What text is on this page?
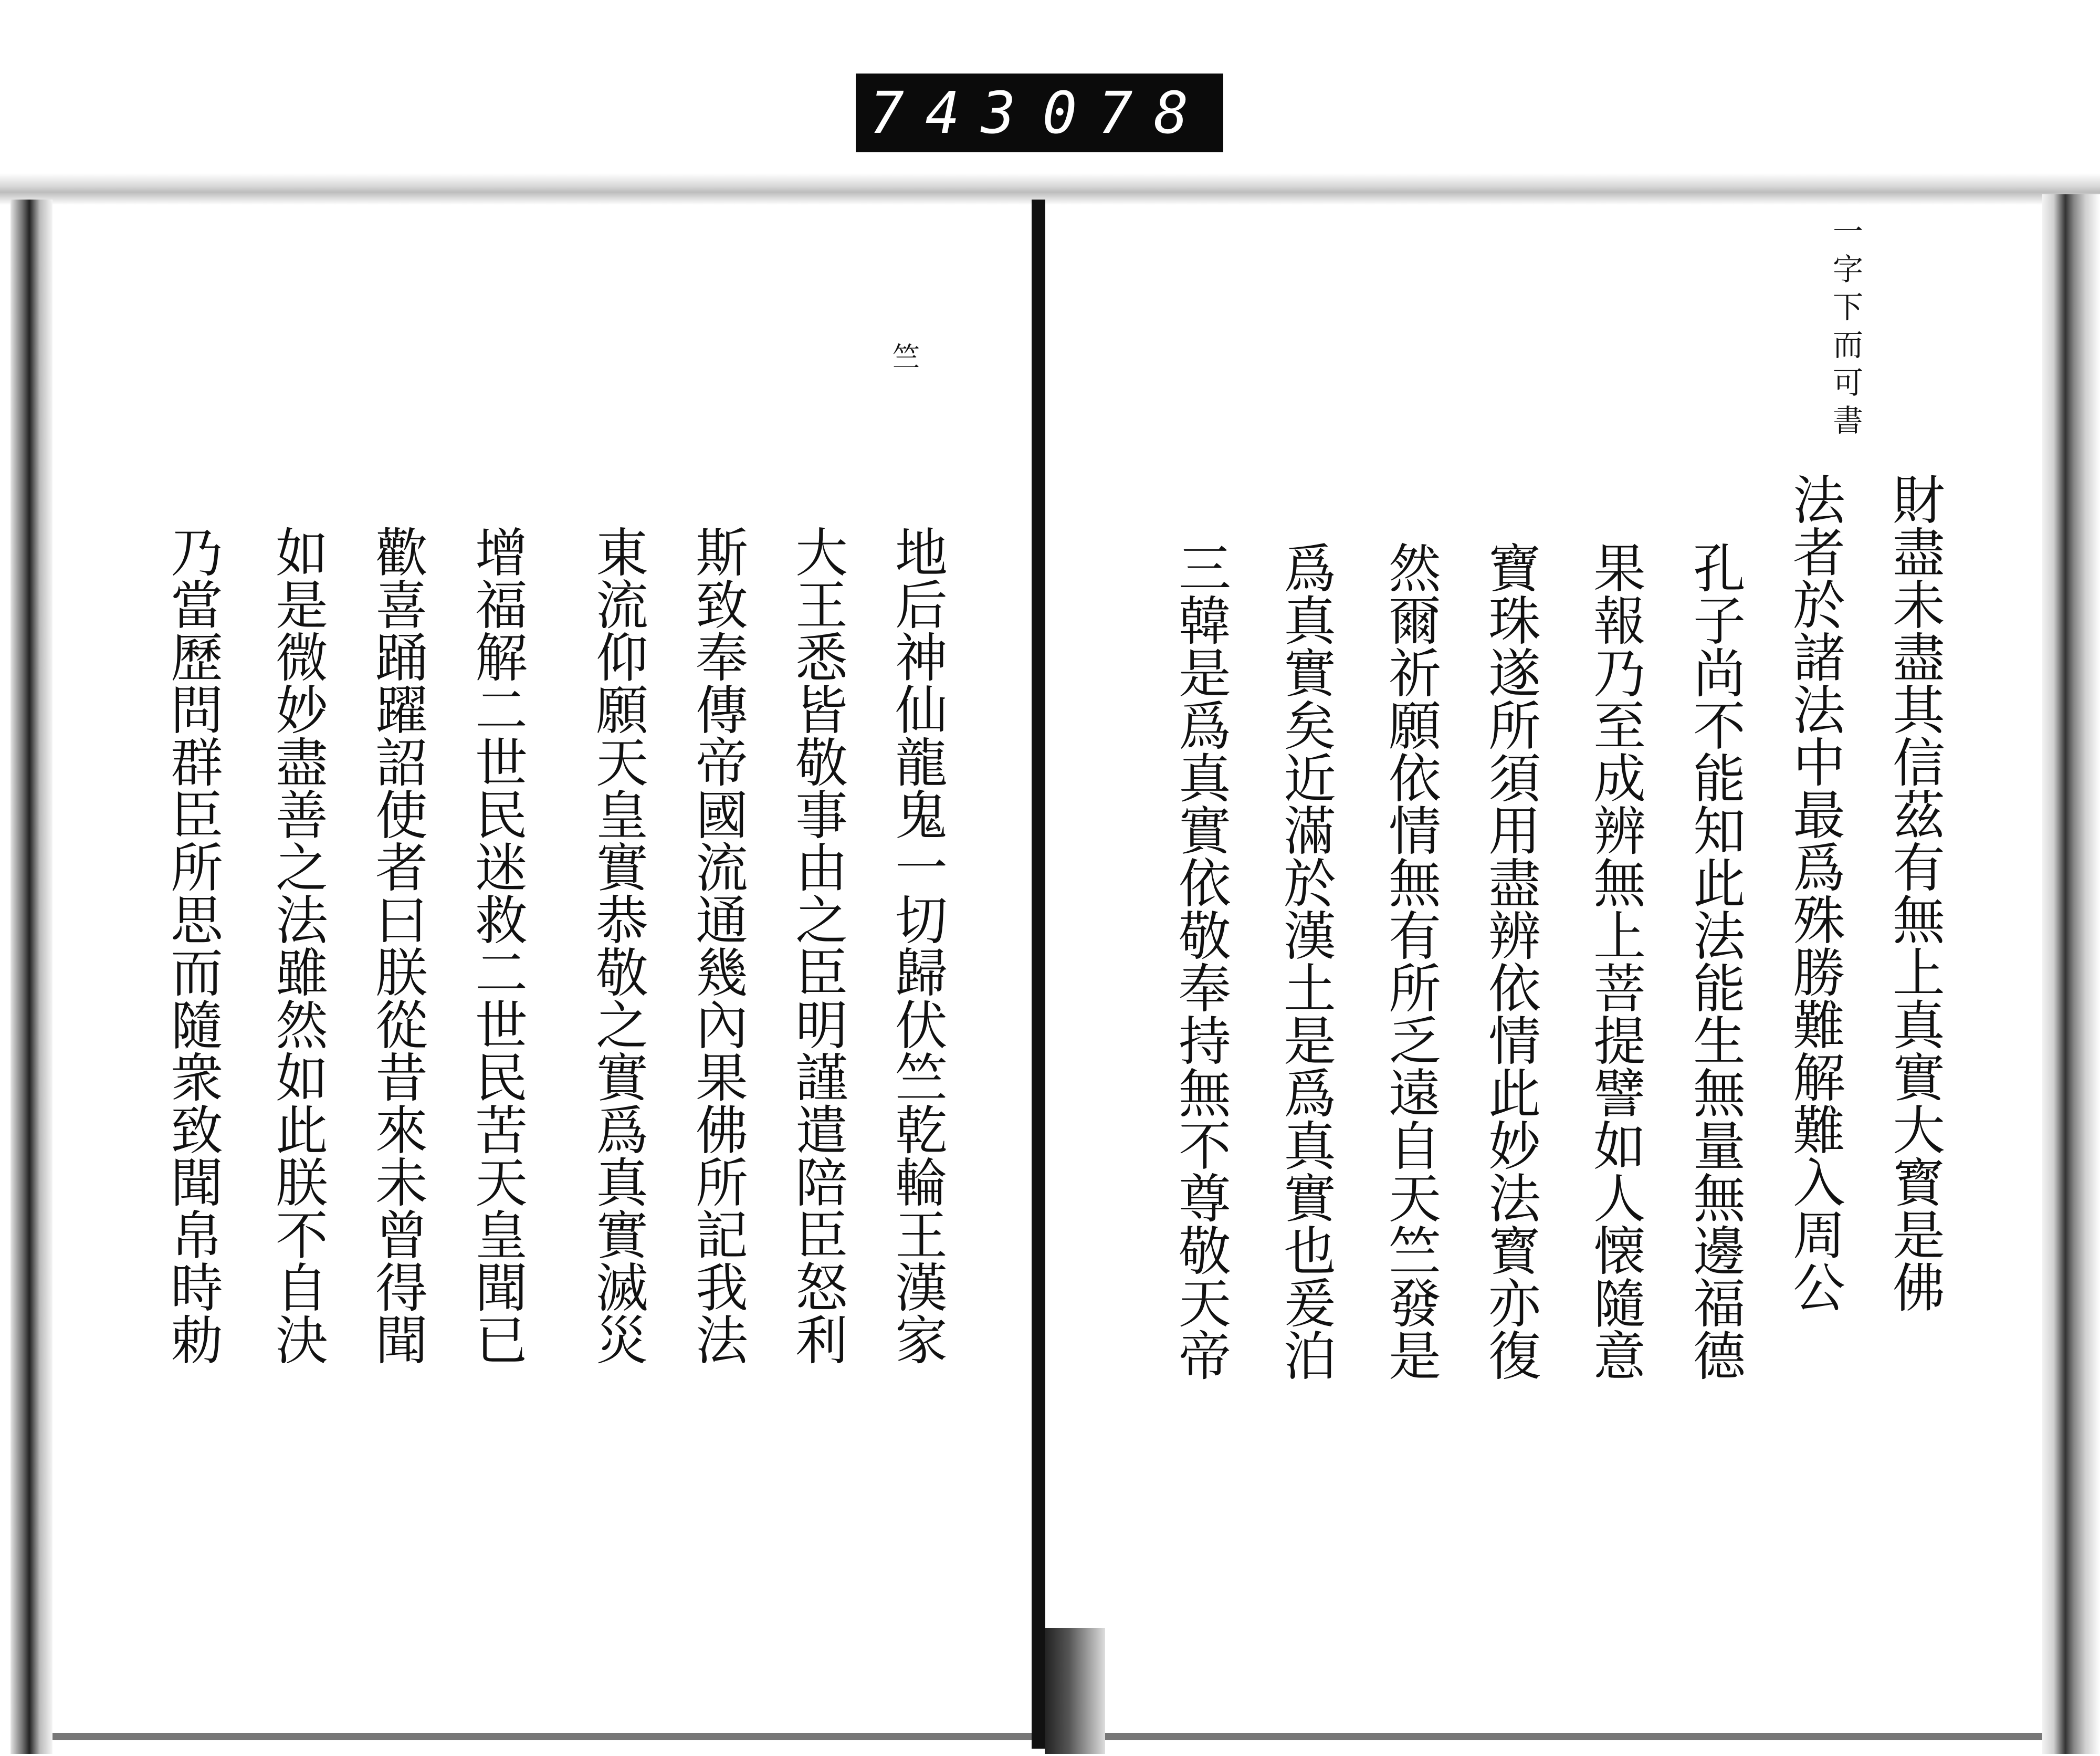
743 078
竺
地后神仙龍鬼一切歸伏竺乾輪王漢家
大王悉皆敬事由之臣明謹遣陪臣怒利
斯致奉傳帝國流通幾內果佛所記我法
東流仰願天皇實恭敬之實爲真實滅災
增福解二世民迷救二世民苦天皇聞已
歡喜踊躍詔使者曰朕從昔來未曾得聞
如是微妙盡善之法雖然如此朕不自決
乃當歷問群臣所思而隨衆致聞帛時勅
一字下而可書
財盡未盡其信茲有無上真實大寳是佛
法者於諸法中最爲殊勝難解難入周公
孔子尚不能知此法能生無量無邊福德
果報乃至成辨無上菩提譬如人懐隨意
寶珠遂所須用盡辨依情此妙法寳亦復
然爾祈願依情無有所乏遠自天竺發是
爲真實矣近滿於漢土是爲真實也爰泊
三韓是爲真實依敬奉持無不尊敬天帝
